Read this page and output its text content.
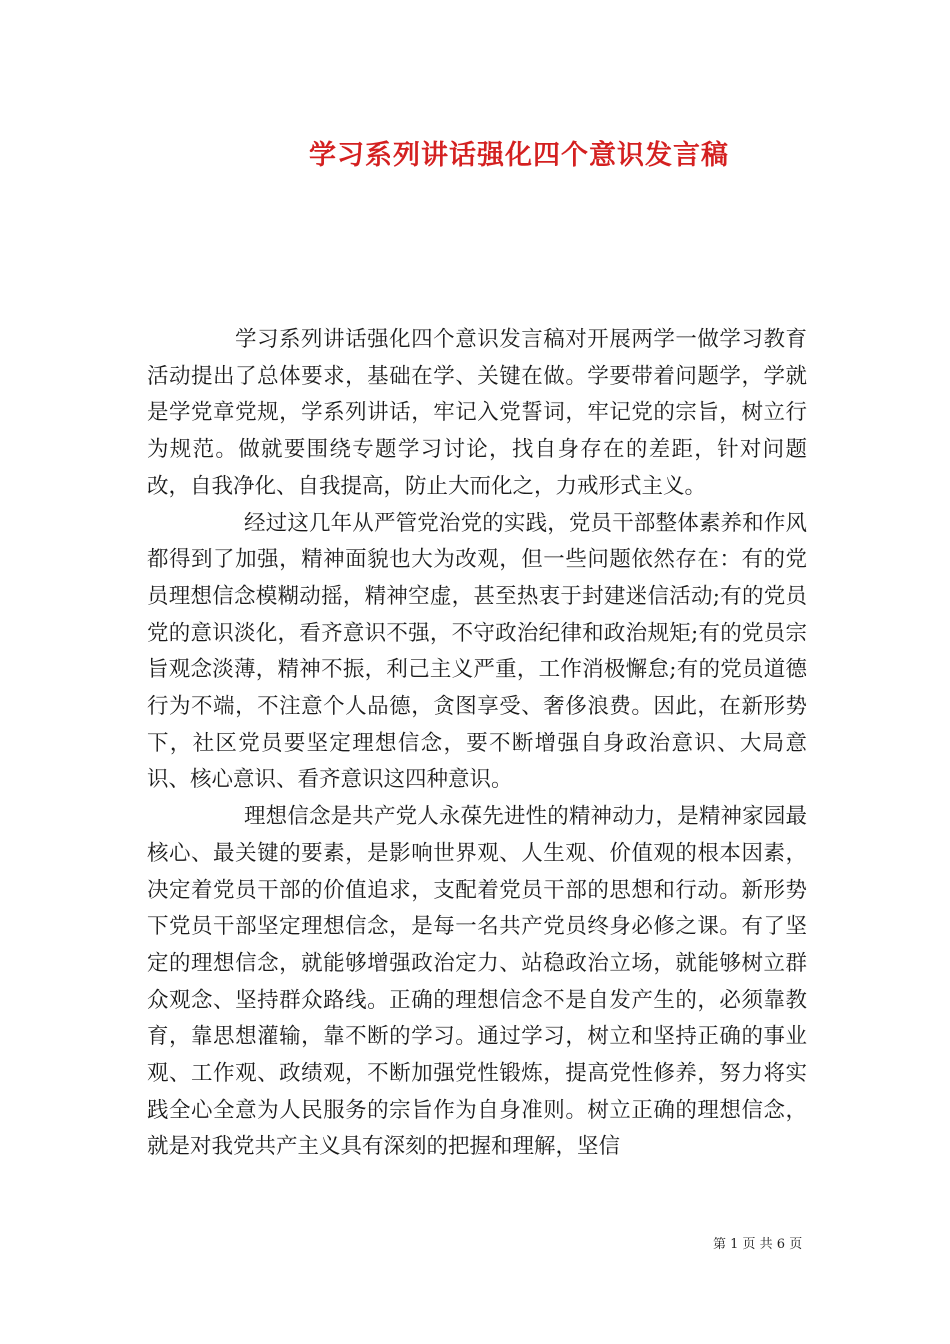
学习系列讲话强化四个意识发言稿

学习系列讲话强化四个意识发言稿对开展两学一做学习教育活动提出了总体要求，基础在学、关键在做。学要带着问题学，学就是学党章党规，学系列讲话，牢记入党誓词，牢记党的宗旨，树立行为规范。做就要围绕专题学习讨论，找自身存在的差距，针对问题改，自我净化、自我提高，防止大而化之，力戒形式主义。

经过这几年从严管党治党的实践，党员干部整体素养和作风都得到了加强，精神面貌也大为改观，但一些问题依然存在：有的党员理想信念模糊动摇，精神空虚，甚至热衷于封建迷信活动;有的党员党的意识淡化，看齐意识不强，不守政治纪律和政治规矩;有的党员宗旨观念淡薄，精神不振，利己主义严重，工作消极懈怠;有的党员道德行为不端，不注意个人品德，贪图享受、奢侈浪费。因此，在新形势下，社区党员要坚定理想信念，要不断增强自身政治意识、大局意识、核心意识、看齐意识这四种意识。

理想信念是共产党人永葆先进性的精神动力，是精神家园最核心、最关键的要素，是影响世界观、人生观、价值观的根本因素，决定着党员干部的价值追求，支配着党员干部的思想和行动。新形势下党员干部坚定理想信念，是每一名共产党员终身必修之课。有了坚定的理想信念，就能够增强政治定力、站稳政治立场，就能够树立群众观念、坚持群众路线。正确的理想信念不是自发产生的，必须靠教育，靠思想灌输，靠不断的学习。通过学习，树立和坚持正确的事业观、工作观、政绩观，不断加强党性锻炼，提高党性修养，努力将实践全心全意为人民服务的宗旨作为自身准则。树立正确的理想信念，就是对我党共产主义具有深刻的把握和理解，坚信

第 1 页 共 6 页
